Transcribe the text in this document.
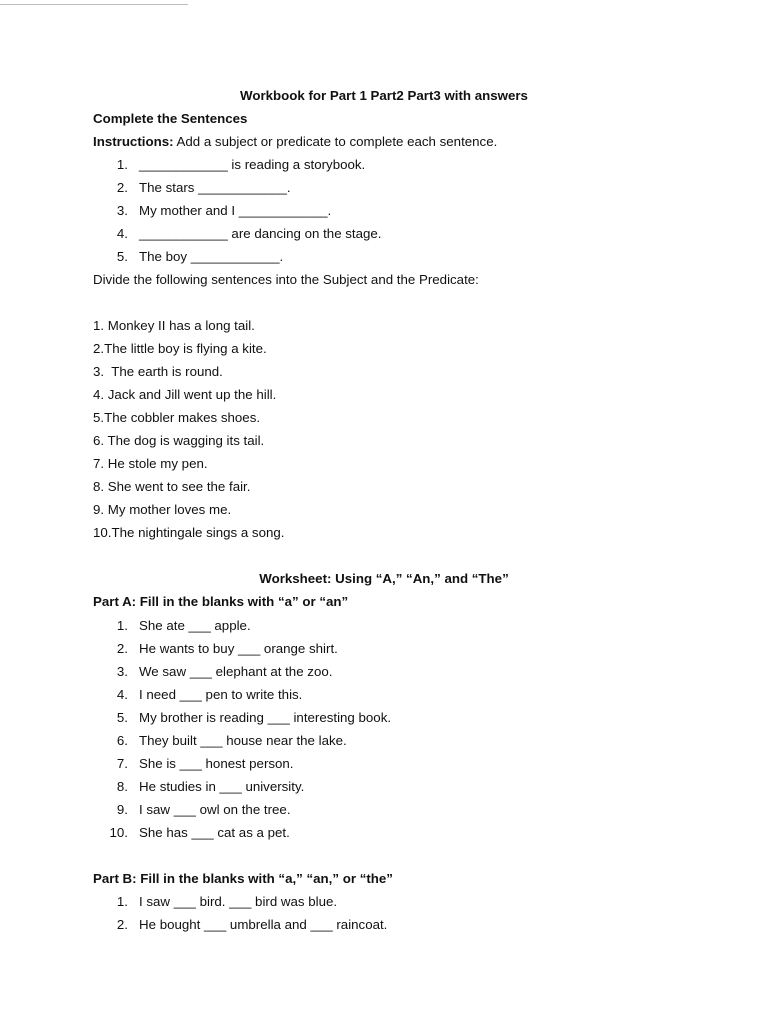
Workbook for Part 1 Part2 Part3 with answers
Complete the Sentences
Instructions: Add a subject or predicate to complete each sentence.
1. ____________ is reading a storybook.
2. The stars ____________.
3. My mother and I ____________.
4. ____________ are dancing on the stage.
5. The boy ____________.
Divide the following sentences into the Subject and the Predicate:
1. Monkey II has a long tail.
2.The little boy is flying a kite.
3.  The earth is round.
4. Jack and Jill went up the hill.
5.The cobbler makes shoes.
6. The dog is wagging its tail.
7. He stole my pen.
8. She went to see the fair.
9. My mother loves me.
10.The nightingale sings a song.
Worksheet: Using “A,” “An,” and “The”
Part A: Fill in the blanks with “a” or “an”
1. She ate ___ apple.
2. He wants to buy ___ orange shirt.
3. We saw ___ elephant at the zoo.
4. I need ___ pen to write this.
5. My brother is reading ___ interesting book.
6. They built ___ house near the lake.
7. She is ___ honest person.
8. He studies in ___ university.
9. I saw ___ owl on the tree.
10. She has ___ cat as a pet.
Part B: Fill in the blanks with “a,” “an,” or “the”
1. I saw ___ bird. ___ bird was blue.
2. He bought ___ umbrella and ___ raincoat.
